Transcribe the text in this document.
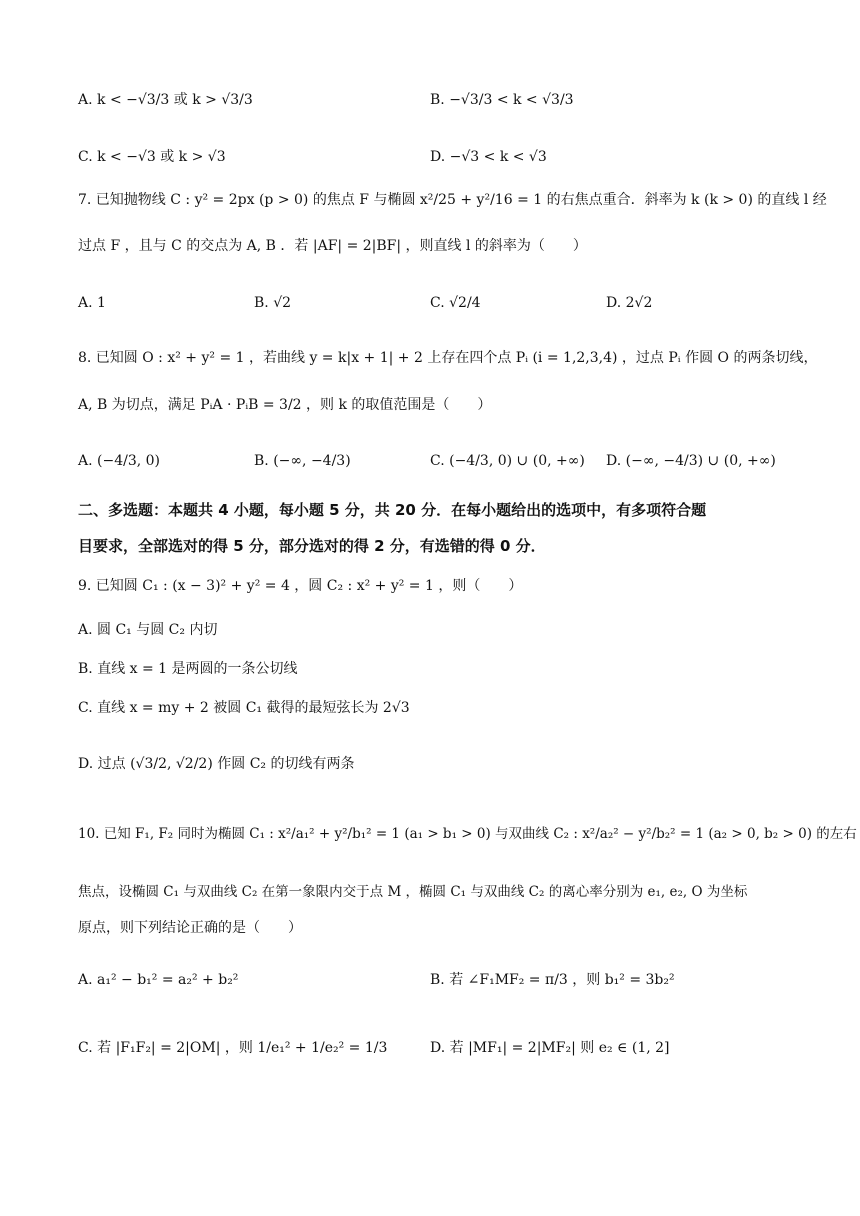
A. k < −√3/3 或 k > √3/3	B. −√3/3 < k < √3/3
C. k < −√3 或 k > √3	D. −√3 < k < √3
7. 已知抛物线 C : y² = 2px (p > 0) 的焦点 F 与椭圆 x²/25 + y²/16 = 1 的右焦点重合．斜率为 k (k > 0) 的直线 l 经
过点 F ，且与 C 的交点为 A, B ．若 |AF| = 2|BF| ，则直线 l 的斜率为（　　）
A. 1	B. √2	C. √2/4	D. 2√2
8. 已知圆 O : x² + y² = 1 ，若曲线 y = k|x + 1| + 2 上存在四个点 Pᵢ (i = 1,2,3,4) ，过点 Pᵢ 作圆 O 的两条切线，
A, B 为切点，满足 PᵢA · PᵢB = 3/2 ，则 k 的取值范围是（　　）
A. (−4/3, 0)	B. (−∞, −4/3)	C. (−4/3, 0) ∪ (0, +∞) D. (−∞, −4/3) ∪ (0, +∞)
二、多选题：本题共 4 小题，每小题 5 分，共 20 分．在每小题给出的选项中，有多项符合题
目要求，全部选对的得 5 分，部分选对的得 2 分，有选错的得 0 分．
9. 已知圆 C₁ : (x − 3)² + y² = 4 ，圆 C₂ : x² + y² = 1 ，则（　　）
A. 圆 C₁ 与圆 C₂ 内切
B. 直线 x = 1 是两圆的一条公切线
C. 直线 x = my + 2 被圆 C₁ 截得的最短弦长为 2√3
D. 过点 (√3/2, √2/2) 作圆 C₂ 的切线有两条
10. 已知 F₁, F₂ 同时为椭圆 C₁ : x²/a₁² + y²/b₁² = 1 (a₁ > b₁ > 0) 与双曲线 C₂ : x²/a₂² − y²/b₂² = 1 (a₂ > 0, b₂ > 0) 的左右
焦点，设椭圆 C₁ 与双曲线 C₂ 在第一象限内交于点 M ，椭圆 C₁ 与双曲线 C₂ 的离心率分别为 e₁, e₂, O 为坐标
原点，则下列结论正确的是（　　）
A. a₁² − b₁² = a₂² + b₂²	B. 若 ∠F₁MF₂ = π/3 ，则 b₁² = 3b₂²
C. 若 |F₁F₂| = 2|OM| ，则 1/e₁² + 1/e₂² = 1/3	D. 若 |MF₁| = 2|MF₂| 则 e₂ ∈ (1, 2]
